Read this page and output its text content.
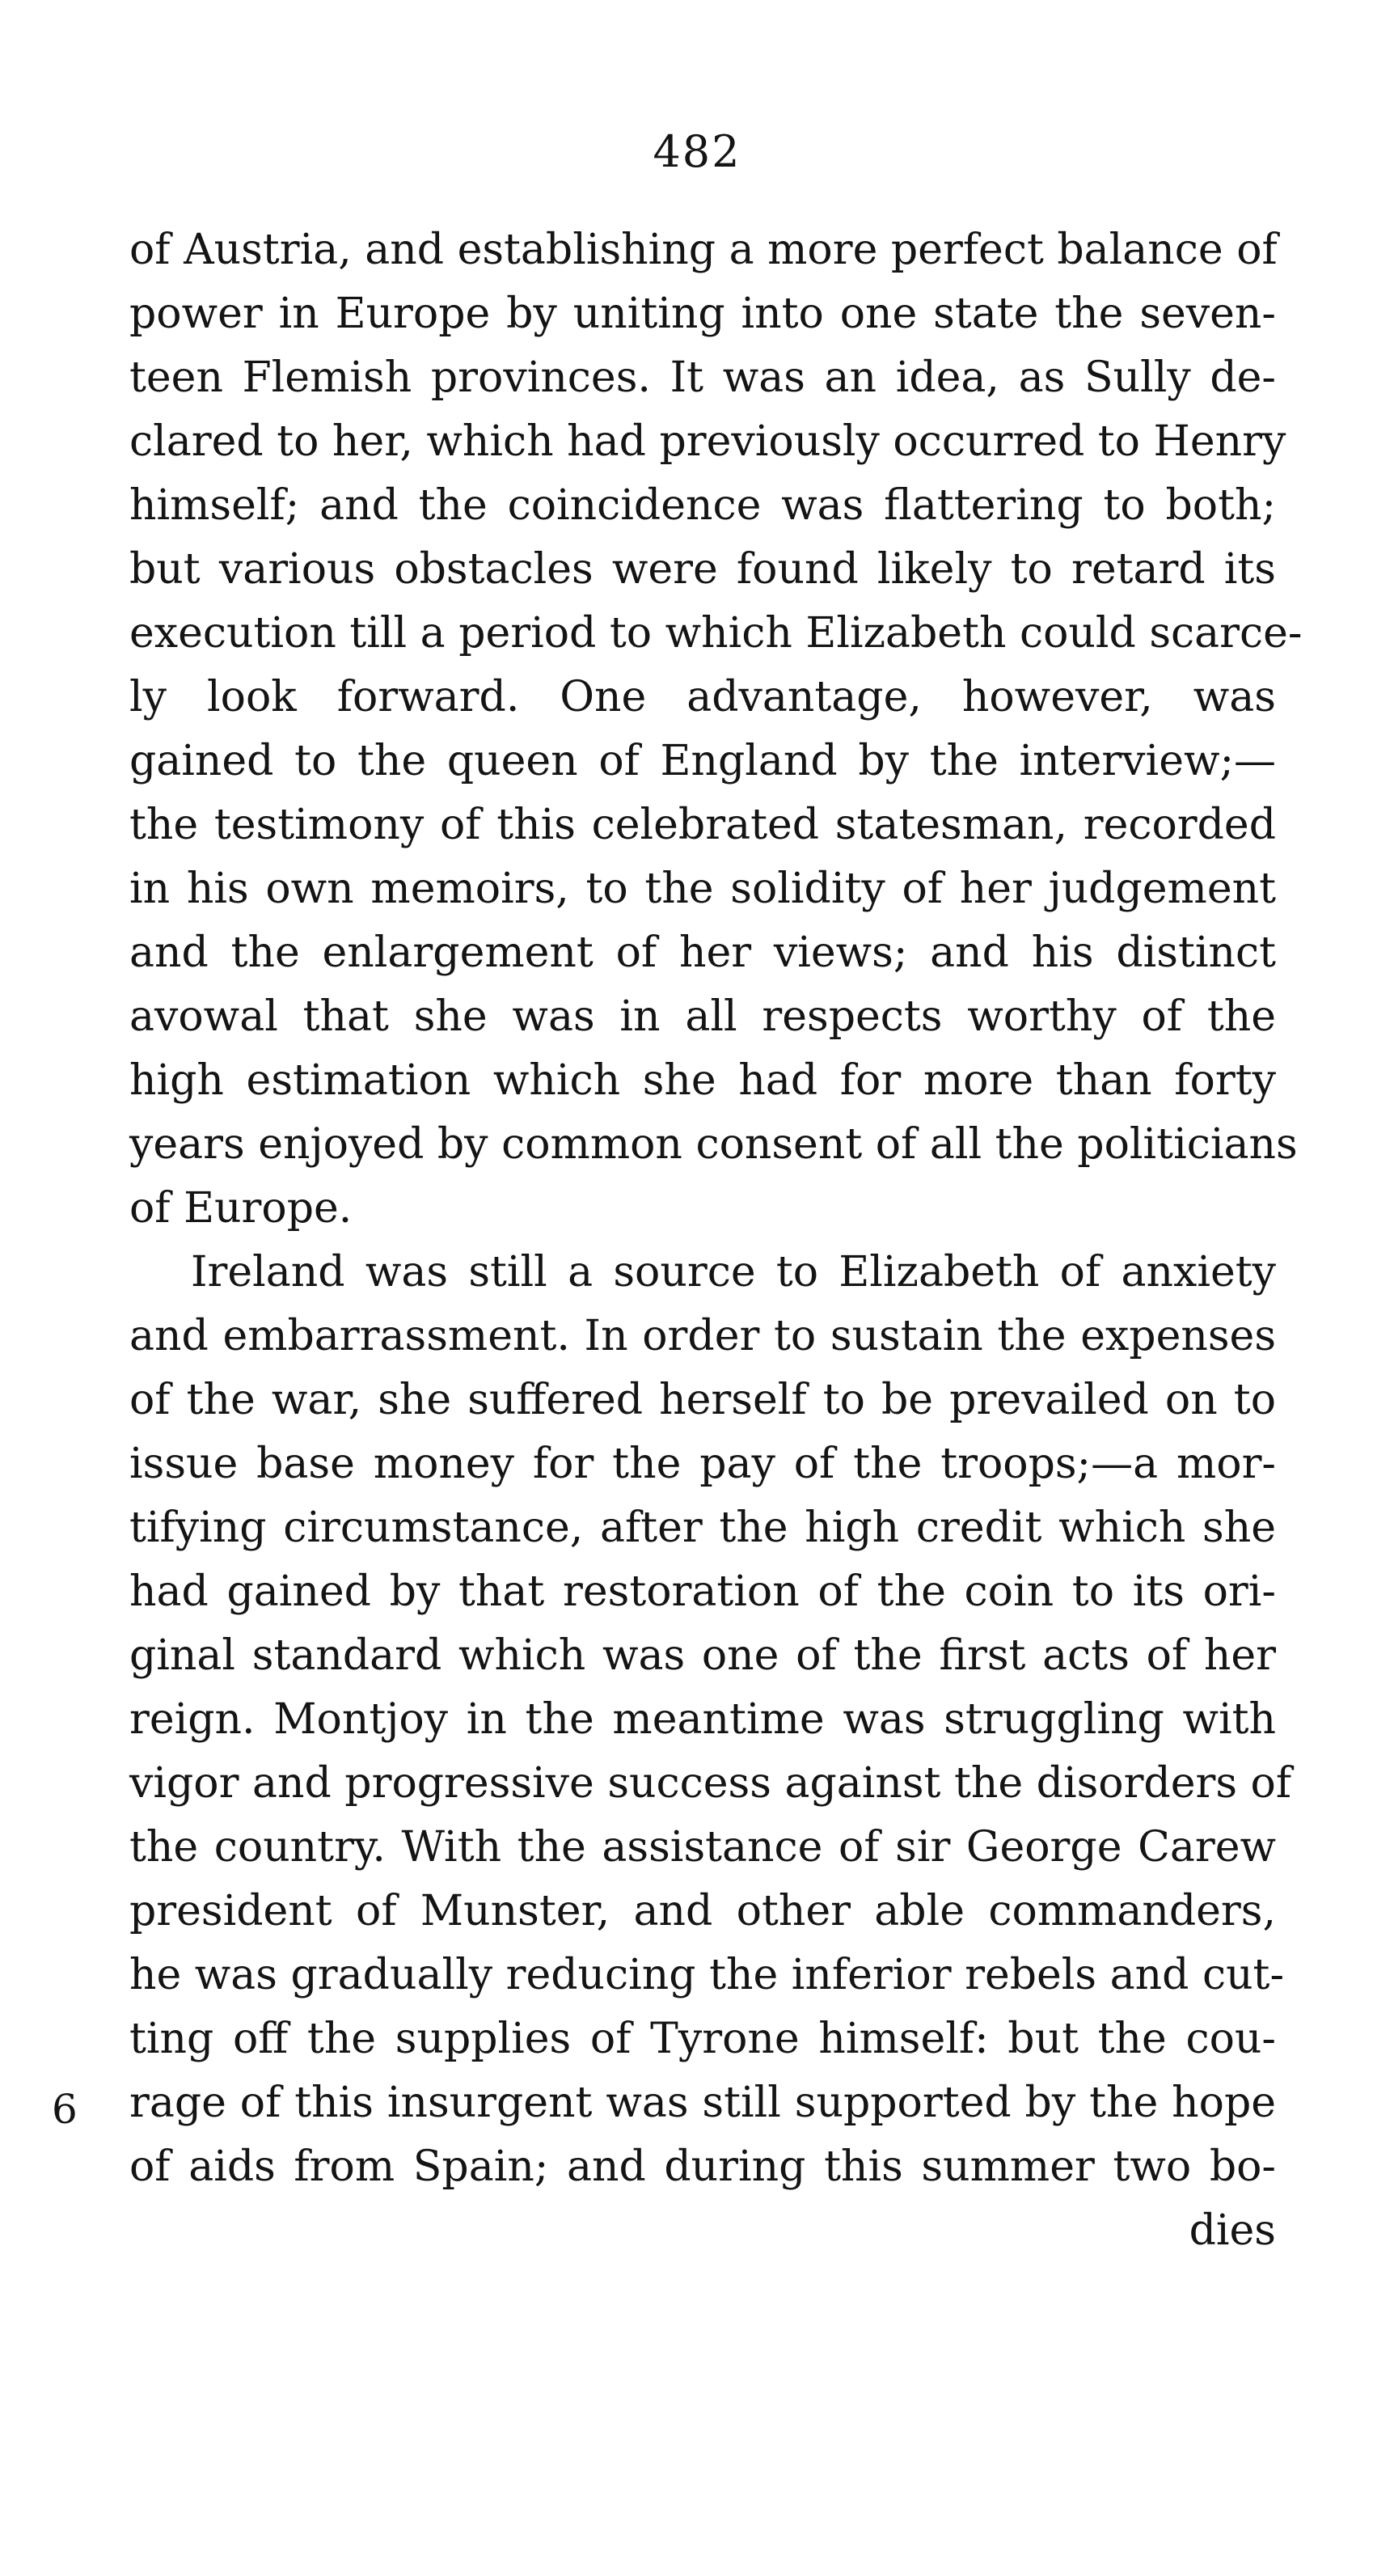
482
6
of Austria, and establishing a more perfect balance of
power in Europe by uniting into one state the seven-
teen Flemish provinces. It was an idea, as Sully de-
clared to her, which had previously occurred to Henry
himself; and the coincidence was flattering to both;
but various obstacles were found likely to retard its
execution till a period to which Elizabeth could scarce-
ly look forward. One advantage, however, was
gained to the queen of England by the interview;—
the testimony of this celebrated statesman, recorded
in his own memoirs, to the solidity of her judgement
and the enlargement of her views; and his distinct
avowal that she was in all respects worthy of the
high estimation which she had for more than forty
years enjoyed by common consent of all the politicians
of Europe.
Ireland was still a source to Elizabeth of anxiety
and embarrassment. In order to sustain the expenses
of the war, she suffered herself to be prevailed on to
issue base money for the pay of the troops;—a mor-
tifying circumstance, after the high credit which she
had gained by that restoration of the coin to its ori-
ginal standard which was one of the first acts of her
reign. Montjoy in the meantime was struggling with
vigor and progressive success against the disorders of
the country. With the assistance of sir George Carew
president of Munster, and other able commanders,
he was gradually reducing the inferior rebels and cut-
ting off the supplies of Tyrone himself: but the cou-
rage of this insurgent was still supported by the hope
of aids from Spain; and during this summer two bo-
dies
